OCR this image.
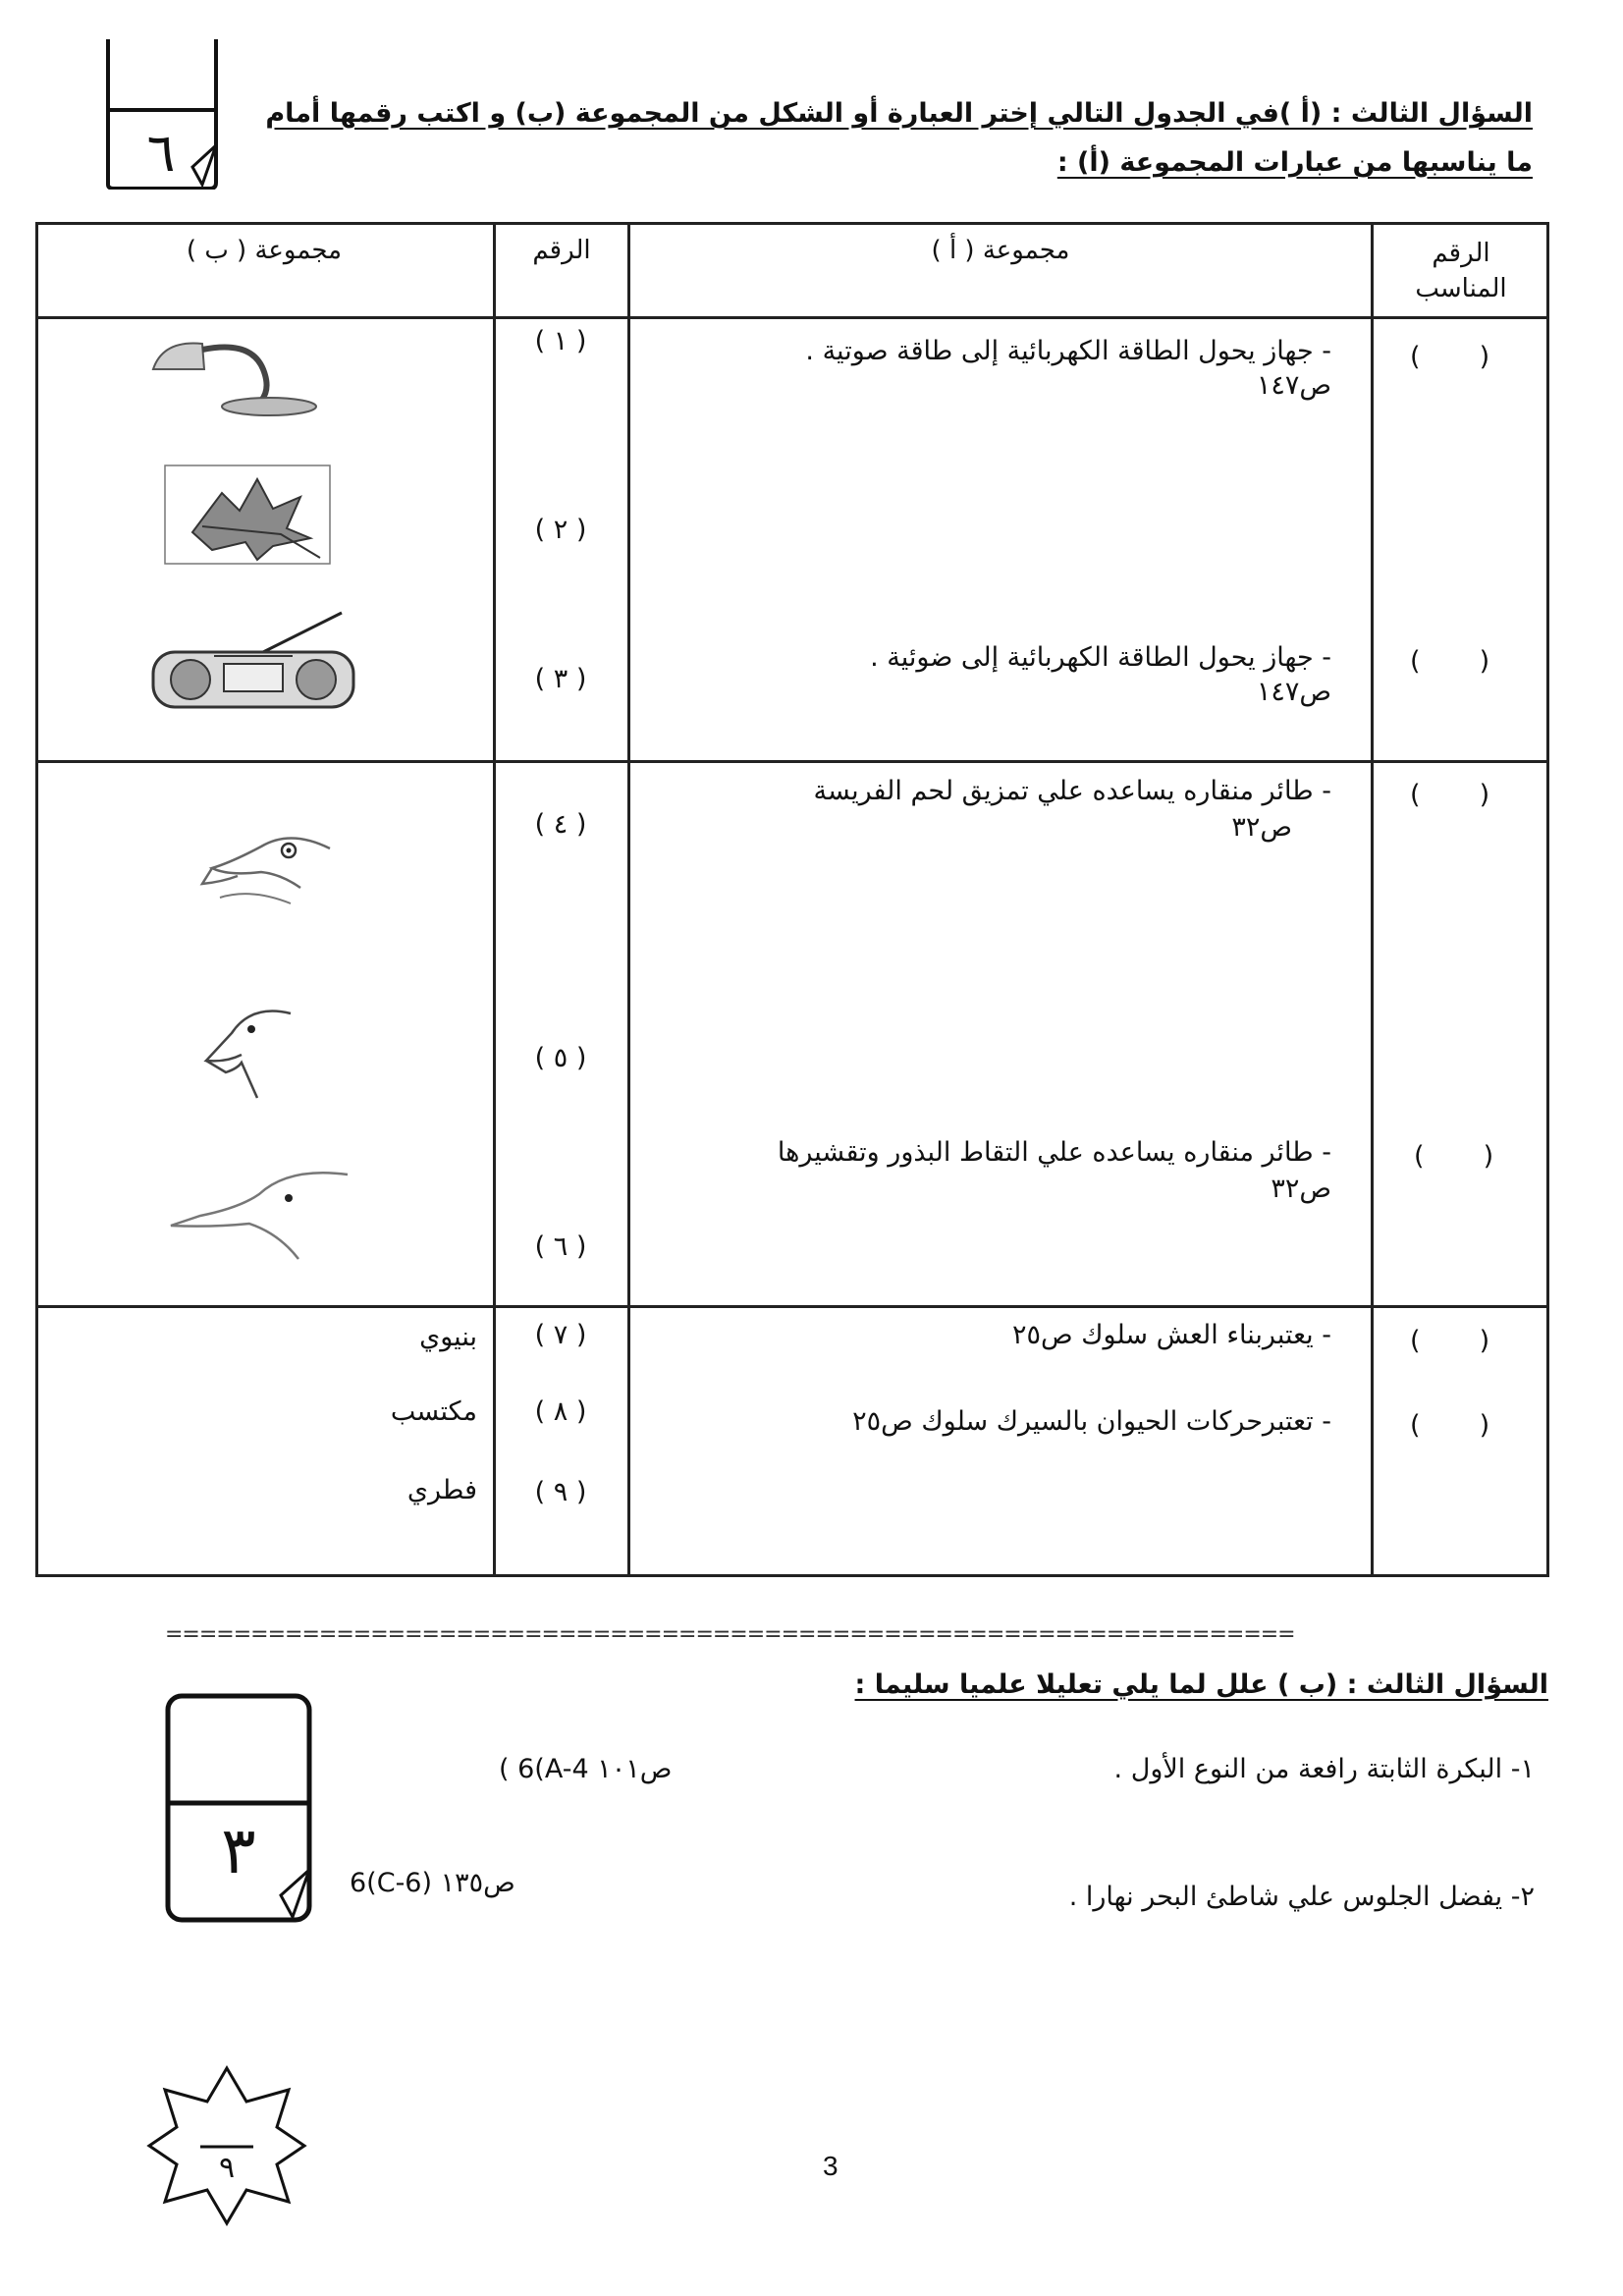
٦
السؤال الثالث : (أ )في الجدول التالي إختر العبارة أو الشكل من المجموعة (ب) و اكتب رقمها أمام
ما يناسبها من عبارات المجموعة (أ) :
الرقم المناسب
مجموعة ( أ )
الرقم
مجموعة ( ب )
(       )
(       )
(       )
(       )
(       )
(       )
- جهاز يحول الطاقة الكهربائية إلى طاقة صوتية .
ص١٤٧
- جهاز يحول الطاقة الكهربائية إلى ضوئية .
ص١٤٧
- طائر منقاره يساعده علي تمزيق لحم الفريسة
ص٣٢
- طائر منقاره يساعده علي التقاط البذور وتقشيرها
ص٣٢
- يعتبربناء العش سلوك ص٢٥
- تعتبرحركات الحيوان بالسيرك سلوك ص٢٥
( ١ )
( ٢ )
( ٣ )
( ٤ )
( ٥ )
( ٦ )
( ٧ )
( ٨ )
( ٩ )
بنيوي
مكتسب
فطري
==================================================================
السؤال الثالث : (ب ) علل لما يلي تعليلا علميا سليما :
٣
١- البكرة الثابتة رافعة من النوع الأول .
( 6(A-4 ص١٠١
٢- يفضل الجلوس علي شاطئ البحر نهارا .
6(C-6) ص١٣٥
3
٩
